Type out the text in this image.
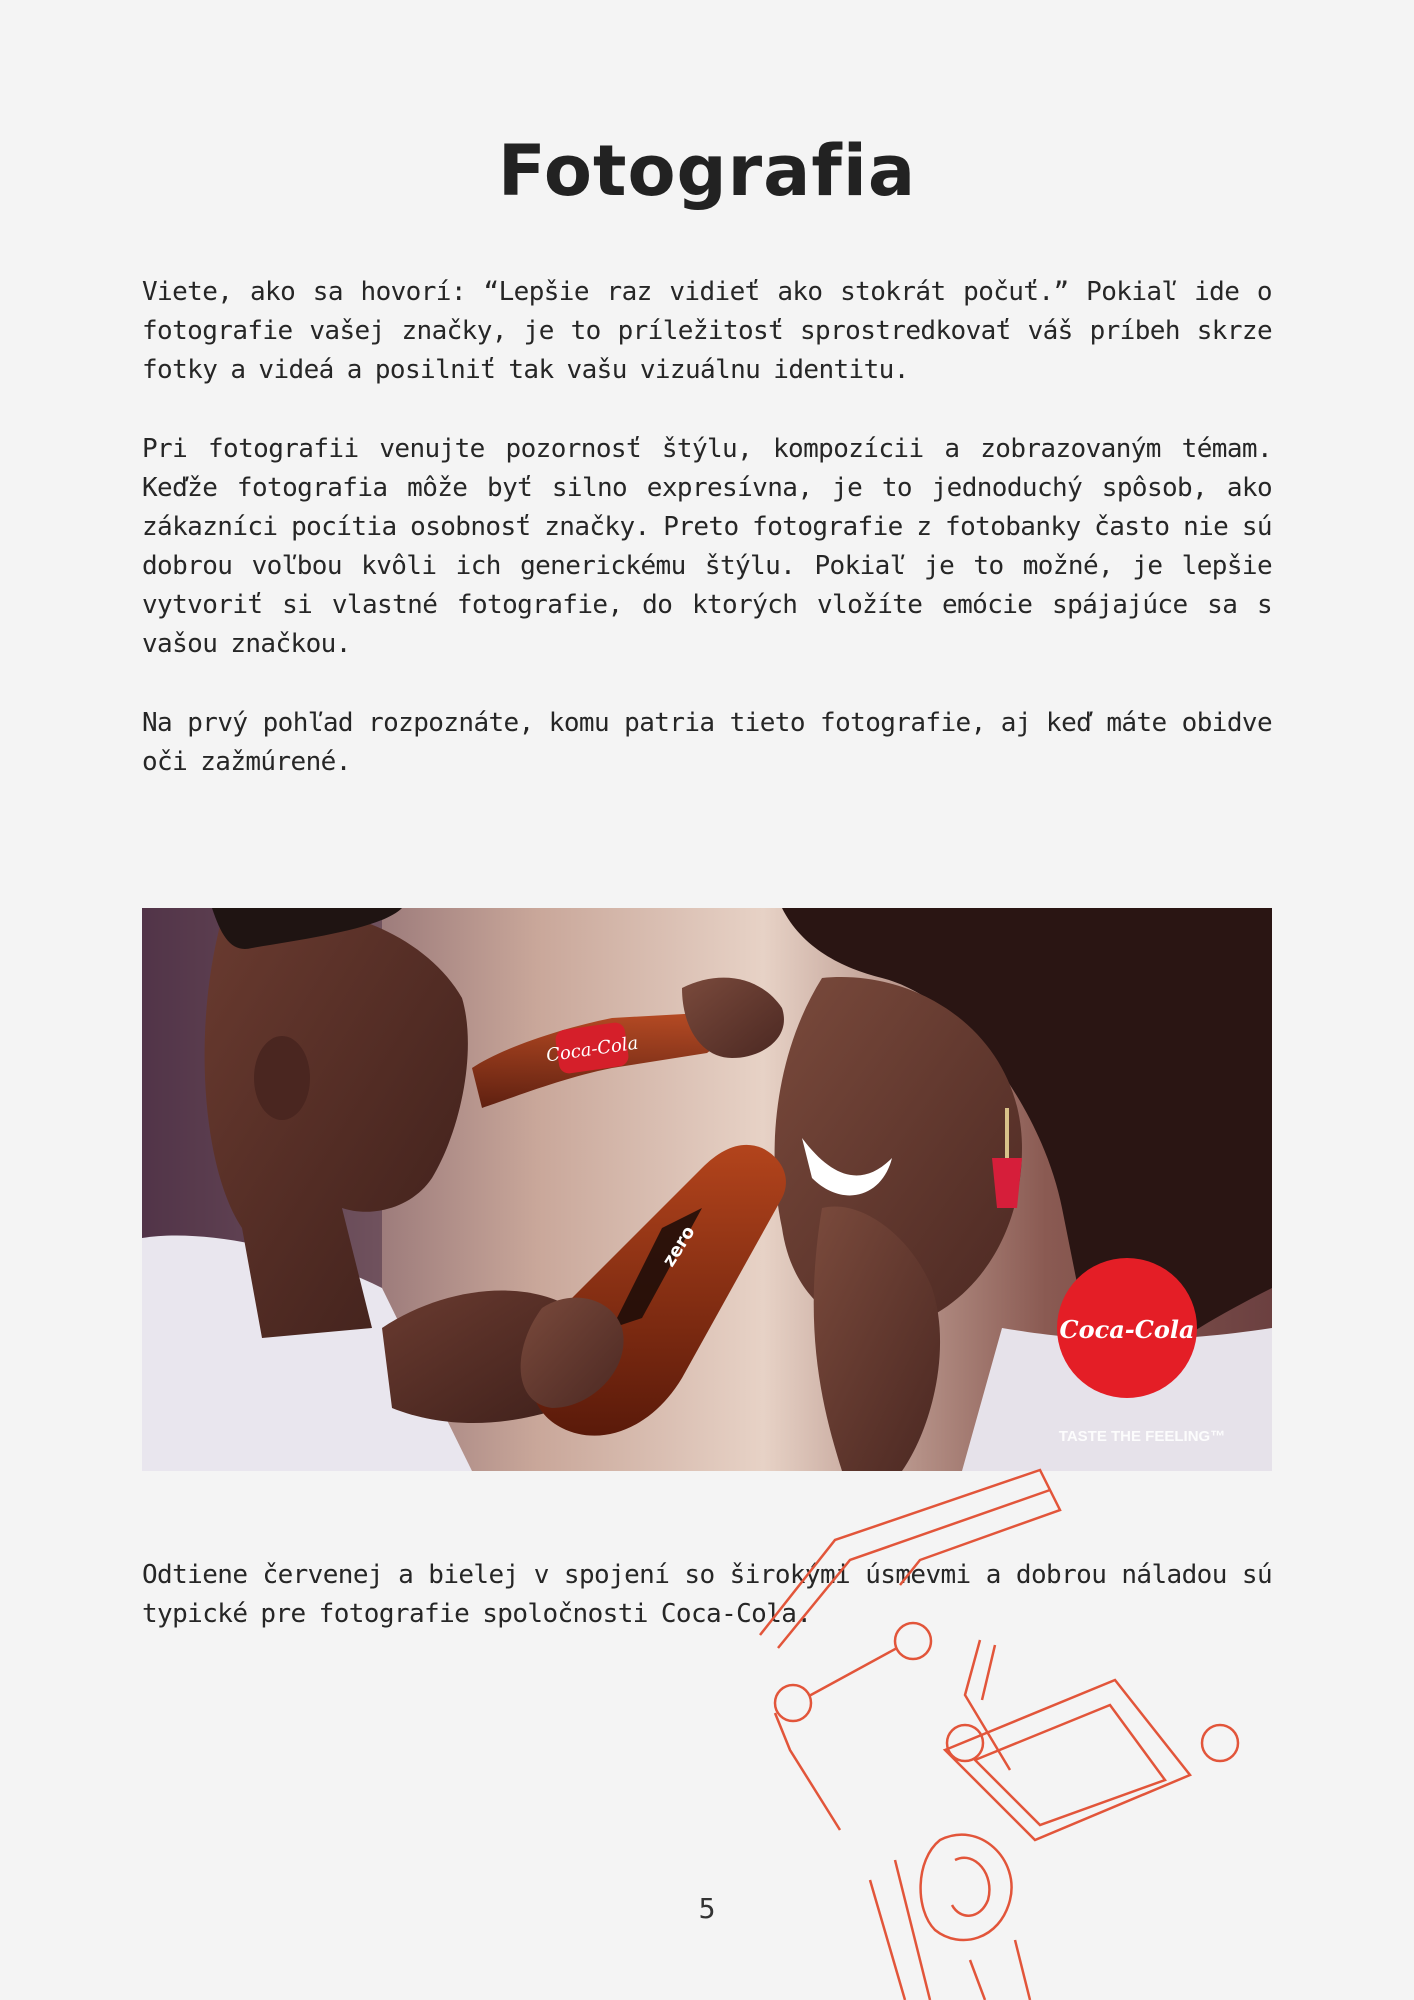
Fotografia

Viete, ako sa hovorí: “Lepšie raz vidieť ako stokrát počuť.” Pokiaľ ide o fotografie vašej značky, je to príležitosť sprostredkovať váš príbeh skrze fotky a videá a posilniť tak vašu vizuálnu identitu.

Pri fotografii venujte pozornosť štýlu, kompozícii a zobrazovaným témam. Keďže fotografia môže byť silno expresívna, je to jednoduchý spôsob, ako zákazníci pocítia osobnosť značky. Preto fotografie z fotobanky často nie sú dobrou voľbou kvôli ich generickému štýlu. Pokiaľ je to možné, je lepšie vytvoriť si vlastné fotografie, do ktorých vložíte emócie spájajúce sa s vašou značkou.

Na prvý pohľad rozpoznáte, komu patria tieto fotografie, aj keď máte obidve oči zažmúrené.

Coca-Cola
zero
Coca-Cola
TASTE THE FEELING™

Odtiene červenej a bielej v spojení so širokými úsmevmi a dobrou náladou sú typické pre fotografie spoločnosti Coca-Cola.

5
